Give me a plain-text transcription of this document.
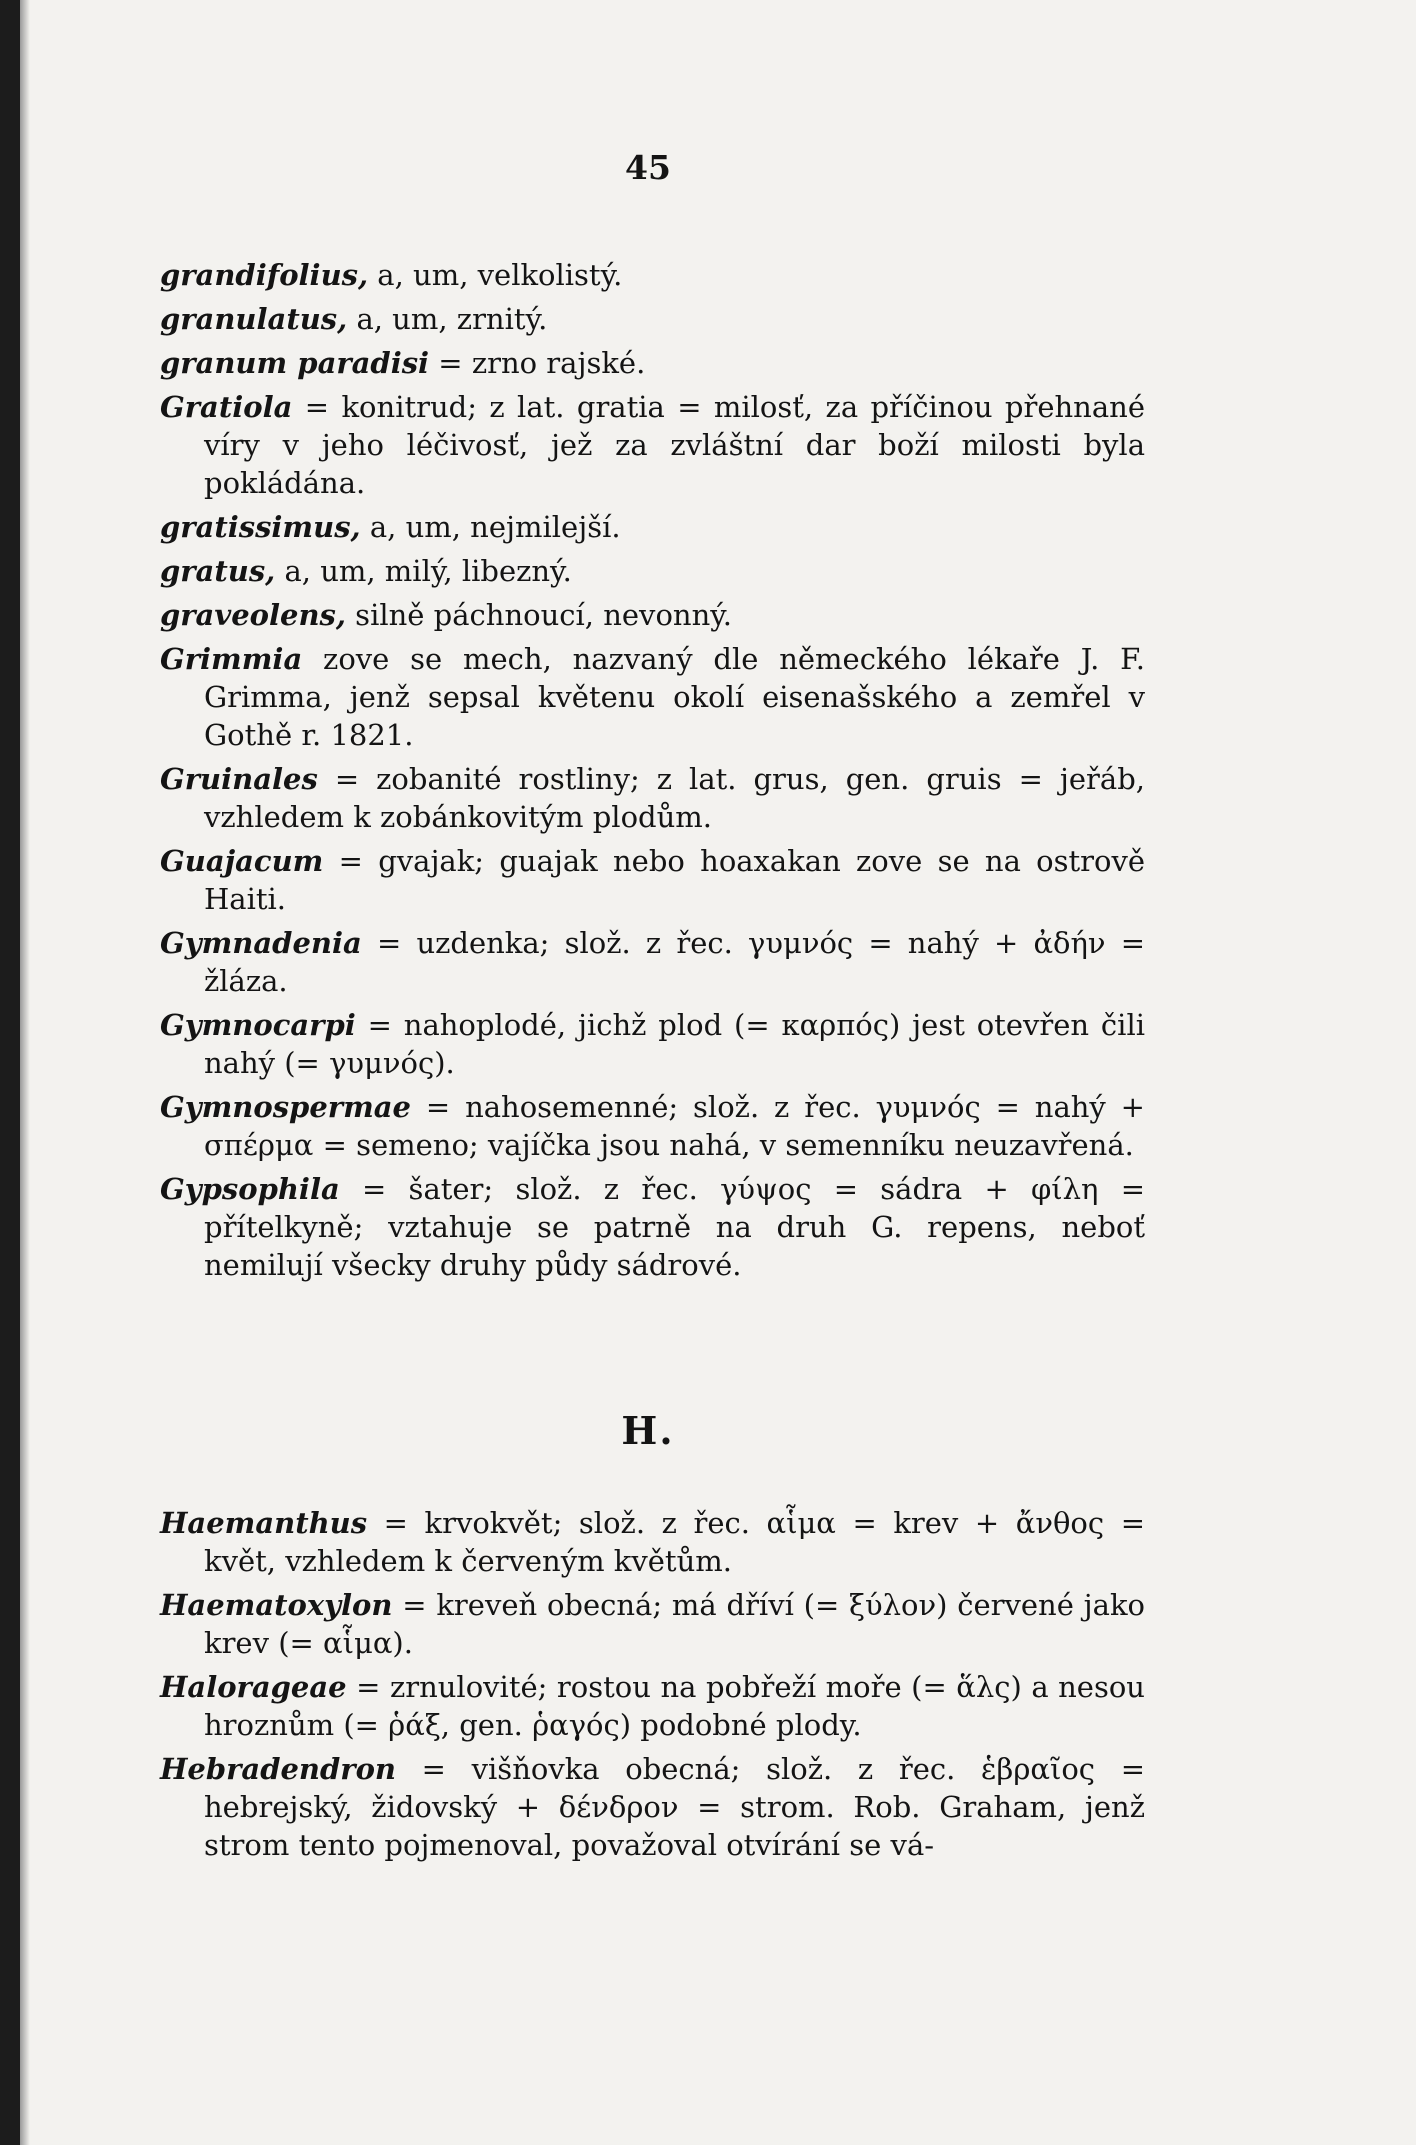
45

grandifolius, a, um, velkolistý.

granulatus, a, um, zrnitý.

granum paradisi = zrno rajské.

Gratiola = konitrud; z lat. gratia = milosť, za příčinou přehnané víry v jeho léčivosť, jež za zvláštní dar boží milosti byla pokládána.

gratissimus, a, um, nejmilejší.

gratus, a, um, milý, libezný.

graveolens, silně páchnoucí, nevonný.

Grimmia zove se mech, nazvaný dle německého lékaře J. F. Grimma, jenž sepsal květenu okolí eisenašského a zemřel v Gothě r. 1821.

Gruinales = zobanité rostliny; z lat. grus, gen. gruis = jeřáb, vzhledem k zobánkovitým plodům.

Guajacum = gvajak; guajak nebo hoaxakan zove se na ostrově Haiti.

Gymnadenia = uzdenka; slož. z řec. γυμνός = nahý + ἀδήν = žláza.

Gymnocarpi = nahoplodé, jichž plod (= καρπός) jest otevřen čili nahý (= γυμνός).

Gymnospermae = nahosemenné; slož. z řec. γυμνός = nahý + σπέρμα = semeno; vajíčka jsou nahá, v semenníku neuzavřená.

Gypsophila = šater; slož. z řec. γύψος = sádra + φίλη = přítelkyně; vztahuje se patrně na druh G. repens, neboť nemilují všecky druhy půdy sádrové.

H.

Haemanthus = krvokvět; slož. z řec. αἷμα = krev + ἄνθος = květ, vzhledem k červeným květům.

Haematoxylon = kreveň obecná; má dříví (= ξύλον) červené jako krev (= αἷμα).

Halorageae = zrnulovité; rostou na pobřeží moře (= ἅλς) a nesou hroznům (= ῥάξ, gen. ῥαγός) podobné plody.

Hebradendron = višňovka obecná; slož. z řec. ἑβραῖος = hebrejský, židovský + δένδρον = strom. Rob. Graham, jenž strom tento pojmenoval, považoval otvírání se vá-
